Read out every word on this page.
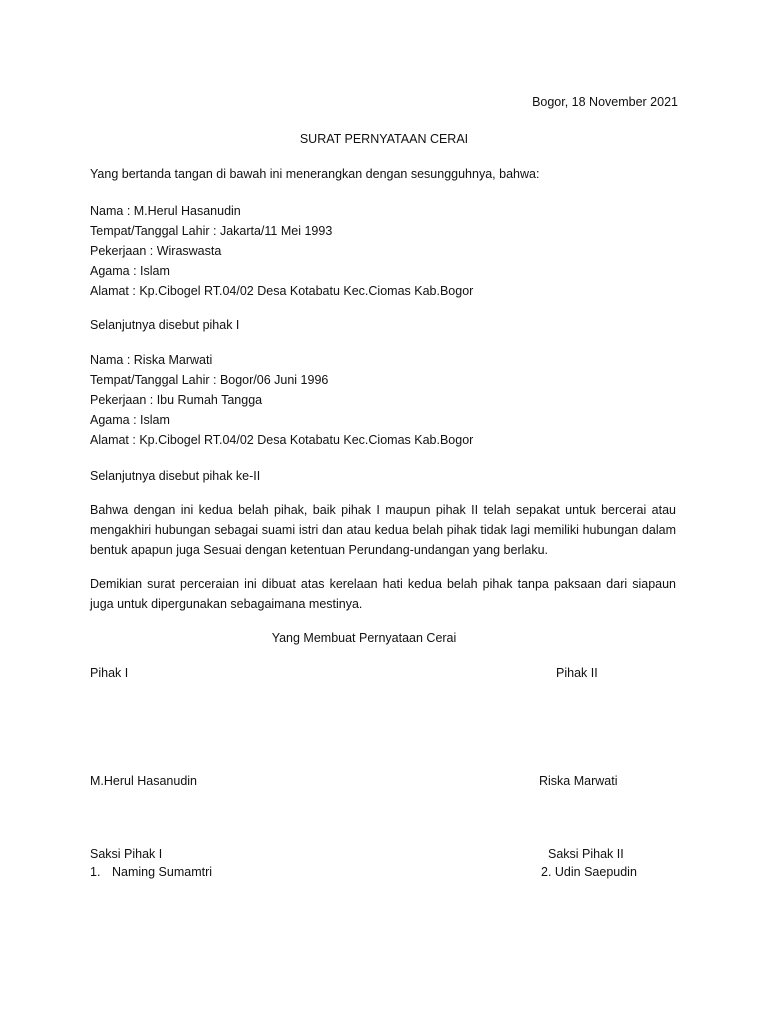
Bogor, 18 November 2021
SURAT PERNYATAAN CERAI
Yang bertanda tangan di bawah ini menerangkan dengan sesungguhnya, bahwa:
Nama : M.Herul Hasanudin
Tempat/Tanggal Lahir : Jakarta/11 Mei 1993
Pekerjaan : Wiraswasta
Agama : Islam
Alamat : Kp.Cibogel RT.04/02 Desa Kotabatu Kec.Ciomas Kab.Bogor
Selanjutnya disebut pihak I
Nama : Riska Marwati
Tempat/Tanggal Lahir : Bogor/06 Juni 1996
Pekerjaan : Ibu Rumah Tangga
Agama : Islam
Alamat : Kp.Cibogel RT.04/02 Desa Kotabatu Kec.Ciomas Kab.Bogor
Selanjutnya disebut pihak ke-II
Bahwa dengan ini kedua belah pihak, baik pihak I maupun pihak II telah sepakat untuk bercerai atau mengakhiri hubungan sebagai suami istri dan atau kedua belah pihak tidak lagi memiliki hubungan dalam bentuk apapun juga Sesuai dengan ketentuan Perundang-undangan yang berlaku.
Demikian surat perceraian ini dibuat atas kerelaan hati kedua belah pihak tanpa paksaan dari siapaun juga untuk dipergunakan sebagaimana mestinya.
Yang Membuat Pernyataan Cerai
Pihak I	Pihak II
M.Herul Hasanudin	Riska Marwati
Saksi Pihak I	Saksi Pihak II
1. Naming Sumamtri	2. Udin Saepudin
